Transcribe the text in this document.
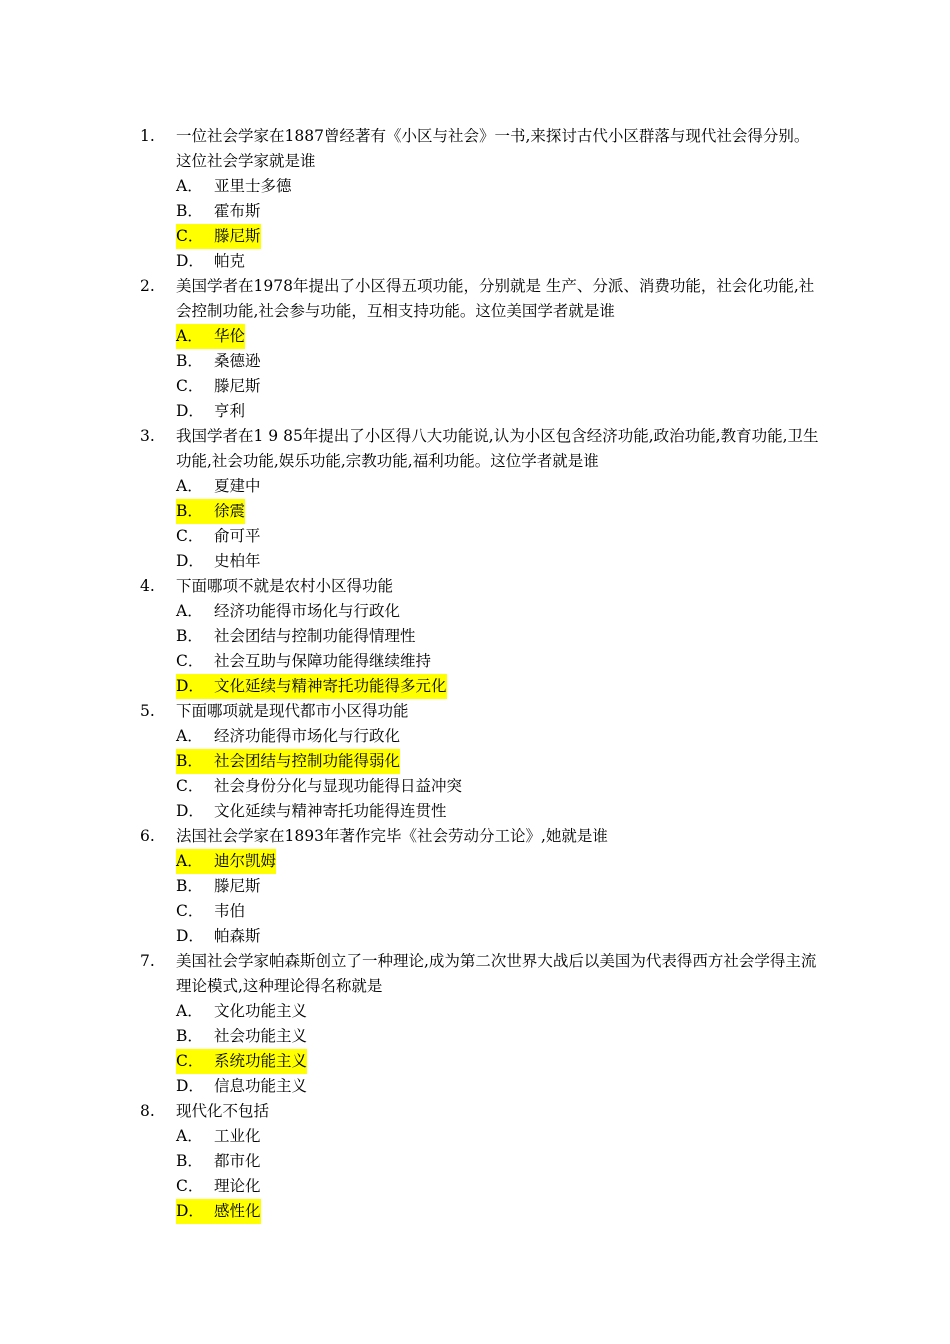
1.	一位社会学家在1887曾经著有《小区与社会》一书,来探讨古代小区群落与现代社会得分别。这位社会学家就是谁
A． 亚里士多德
B． 霍布斯
C． 滕尼斯
D． 帕克
2.	美国学者在1978年提出了小区得五项功能，分别就是 生产、分派、消费功能，社会化功能,社会控制功能,社会参与功能，互相支持功能。这位美国学者就是谁
A． 华伦
B． 桑德逊
C． 滕尼斯
D． 亨利
3.	我国学者在1 9 85年提出了小区得八大功能说,认为小区包含经济功能,政治功能,教育功能,卫生功能,社会功能,娱乐功能,宗教功能,福利功能。这位学者就是谁
A． 夏建中
B． 徐震
C． 俞可平
D． 史柏年
4.	下面哪项不就是农村小区得功能
A． 经济功能得市场化与行政化
B． 社会团结与控制功能得情理性
C． 社会互助与保障功能得继续维持
D． 文化延续与精神寄托功能得多元化
5.	下面哪项就是现代都市小区得功能
A． 经济功能得市场化与行政化
B． 社会团结与控制功能得弱化
C． 社会身份分化与显现功能得日益冲突
D． 文化延续与精神寄托功能得连贯性
6.	法国社会学家在1893年著作完毕《社会劳动分工论》,她就是谁
A． 迪尔凯姆
B． 滕尼斯
C． 韦伯
D． 帕森斯
7.	美国社会学家帕森斯创立了一种理论,成为第二次世界大战后以美国为代表得西方社会学得主流理论模式,这种理论得名称就是
A． 文化功能主义
B． 社会功能主义
C． 系统功能主义
D． 信息功能主义
8.	现代化不包括
A． 工业化
B． 都市化
C． 理论化
D． 感性化
